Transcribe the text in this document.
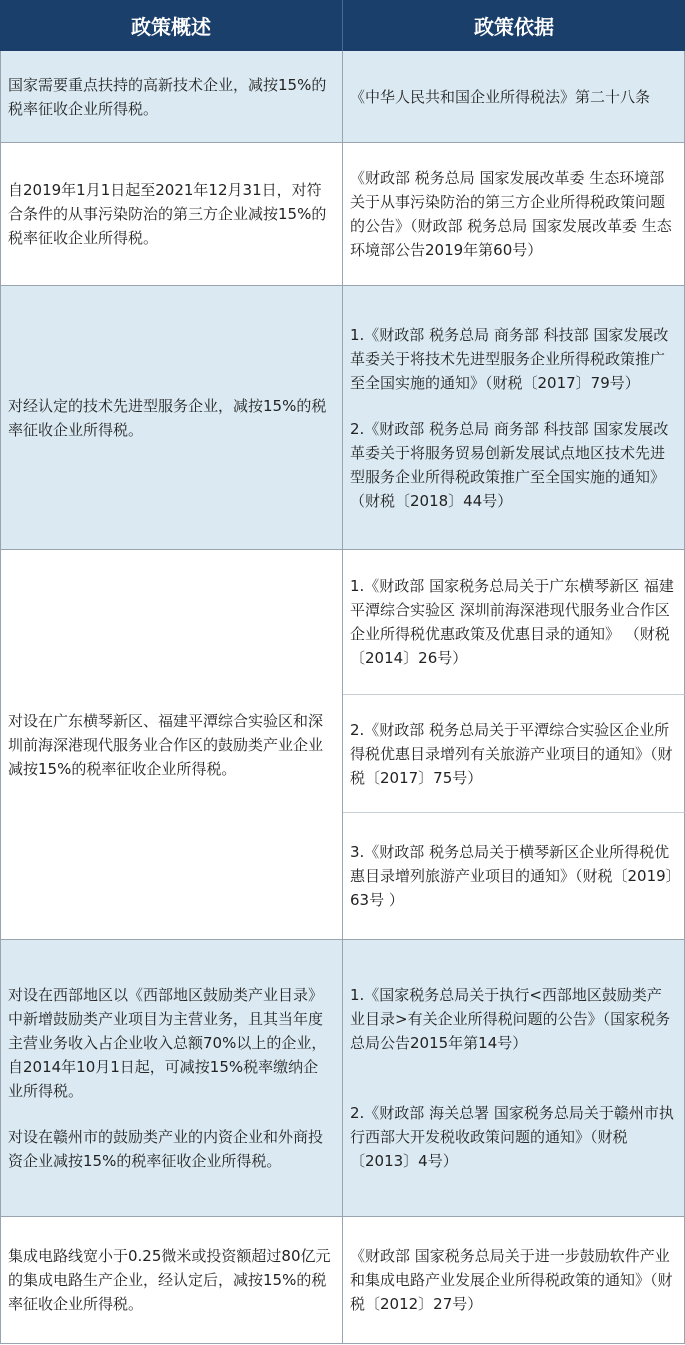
政策概述	政策依据
国家需要重点扶持的高新技术企业，减按15%的税率征收企业所得税。
《中华人民共和国企业所得税法》第二十八条
自2019年1月1日起至2021年12月31日，对符合条件的从事污染防治的第三方企业减按15%的税率征收企业所得税。
《财政部 税务总局 国家发展改革委 生态环境部关于从事污染防治的第三方企业所得税政策问题的公告》（财政部 税务总局 国家发展改革委 生态环境部公告2019年第60号）
对经认定的技术先进型服务企业，减按15%的税率征收企业所得税。
1.《财政部 税务总局 商务部 科技部 国家发展改革委关于将技术先进型服务企业所得税政策推广至全国实施的通知》（财税〔2017〕79号）
2.《财政部 税务总局 商务部 科技部 国家发展改革委关于将服务贸易创新发展试点地区技术先进型服务企业所得税政策推广至全国实施的通知》（财税〔2018〕44号）
对设在广东横琴新区、福建平潭综合实验区和深圳前海深港现代服务业合作区的鼓励类产业企业减按15%的税率征收企业所得税。
1.《财政部 国家税务总局关于广东横琴新区 福建平潭综合实验区 深圳前海深港现代服务业合作区企业所得税优惠政策及优惠目录的通知》 （财税〔2014〕26号）
2.《财政部 税务总局关于平潭综合实验区企业所得税优惠目录增列有关旅游产业项目的通知》（财税〔2017〕75号）
3.《财政部 税务总局关于横琴新区企业所得税优惠目录增列旅游产业项目的通知》（财税〔2019〕63号 ）
对设在西部地区以《西部地区鼓励类产业目录》中新增鼓励类产业项目为主营业务，且其当年度主营业务收入占企业收入总额70%以上的企业，自2014年10月1日起，可减按15%税率缴纳企业所得税。
对设在赣州市的鼓励类产业的内资企业和外商投资企业减按15%的税率征收企业所得税。
1.《国家税务总局关于执行<西部地区鼓励类产业目录>有关企业所得税问题的公告》（国家税务总局公告2015年第14号）
2.《财政部 海关总署 国家税务总局关于赣州市执行西部大开发税收政策问题的通知》（财税〔2013〕4号）
集成电路线宽小于0.25微米或投资额超过80亿元的集成电路生产企业，经认定后，减按15%的税率征收企业所得税。
《财政部 国家税务总局关于进一步鼓励软件产业和集成电路产业发展企业所得税政策的通知》（财税〔2012〕27号）
